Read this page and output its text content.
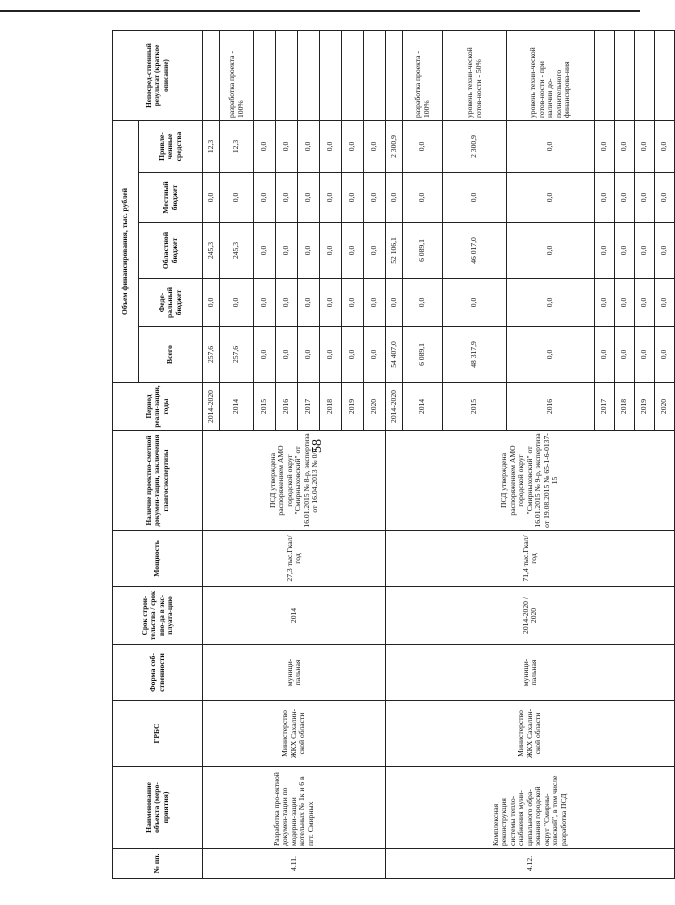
58
№ пп.	Наименование объекта (меро-приятия)	ГРБС	Форма соб-ственности	Срок строи-тельства / срок вво-да в экс-плуата-цию	Мощность	Наличие проектно-сметной докумен-тации, заключения главгосэкспертизы	Период реали-зации, годы	Объем финансирования, тыс. рублей					Непосред-ственный результат (краткое описание)
								Всего	Феде-ральный бюджет	Областной бюджет	Местный бюджет	Привле-ченные средства	
4.11.	Разработка про-ектной докумен-тации по модерни-зации котельных № 1к и 6 в пгт. Смирных	Министерство ЖКХ Сахалин-ской области	муници-пальная	2014	27,3 тыс.Гкал/год	ПСД утверждена распоряжением АМО городской округ "Смирныховский" от 16.01.2015 № 8-р, экспертиза от 16.04.2013 № 0/н	2014-2020	257,6	0,0	245,3	0,0	12,3	
							2014	257,6	0,0	245,3	0,0	12,3	разработка проекта - 100%
							2015	0,0	0,0	0,0	0,0	0,0	
							2016	0,0	0,0	0,0	0,0	0,0	
							2017	0,0	0,0	0,0	0,0	0,0	
							2018	0,0	0,0	0,0	0,0	0,0	
							2019	0,0	0,0	0,0	0,0	0,0	
							2020	0,0	0,0	0,0	0,0	0,0	
4.12.	Комплексная реконструкция системы тепло-снабжения муни-ципального обра-зования городской округ "Смирны-ховский", в том числе разработка ПСД	Министерство ЖКХ Сахалин-ской области	муници-пальная	2014-2020 / 2020	71,4 тыс.Гкал/год	ПСД утверждена распоряжением АМО городской округ "Смирныховский" от 16.01.2015 № 9-р, экспертиза от 19.08.2015 № 65-1-6-0137-15	2014-2020	54 407,0	0,0	52 106,1	0,0	2 300,9	
							2014	6 089,1	0,0	6 089,1	0,0	0,0	разработка проекта - 100%
							2015	48 317,9	0,0	46 017,0	0,0	2 300,9	уровень техни-ческой готов-ности - 50%
							2016	0,0	0,0	0,0	0,0	0,0	уровень техни-ческой готов-ности - при наличии до-полнительного финансирова-ния
							2017	0,0	0,0	0,0	0,0	0,0	
							2018	0,0	0,0	0,0	0,0	0,0	
							2019	0,0	0,0	0,0	0,0	0,0	
							2020	0,0	0,0	0,0	0,0	0,0	
